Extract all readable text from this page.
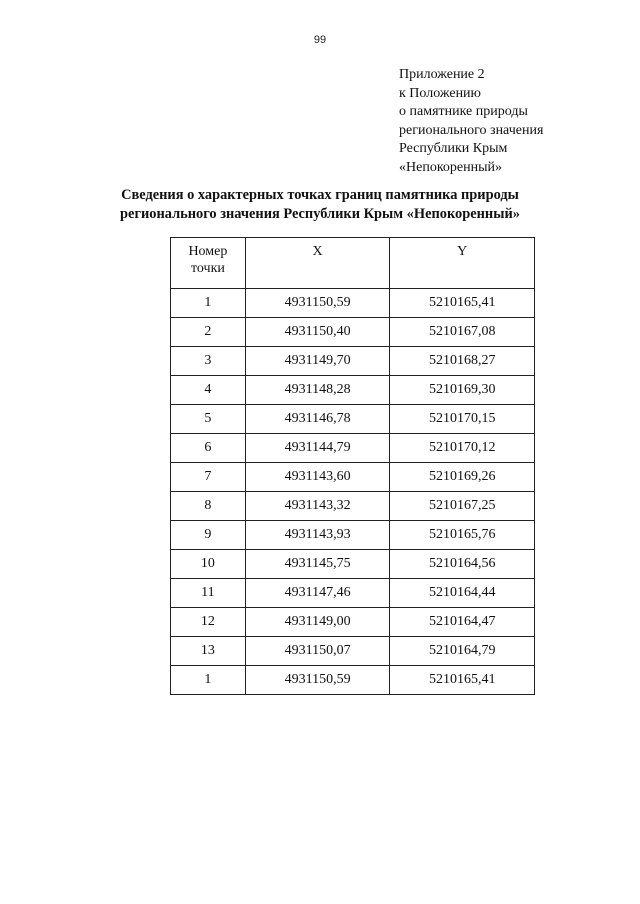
99
Приложение 2
к Положению
о памятнике природы
регионального значения
Республики Крым
«Непокоренный»
Сведения о характерных точках границ памятника природы
регионального значения Республики Крым «Непокоренный»
Номер
точки	X	Y
1	4931150,59	5210165,41
2	4931150,40	5210167,08
3	4931149,70	5210168,27
4	4931148,28	5210169,30
5	4931146,78	5210170,15
6	4931144,79	5210170,12
7	4931143,60	5210169,26
8	4931143,32	5210167,25
9	4931143,93	5210165,76
10	4931145,75	5210164,56
11	4931147,46	5210164,44
12	4931149,00	5210164,47
13	4931150,07	5210164,79
1	4931150,59	5210165,41
